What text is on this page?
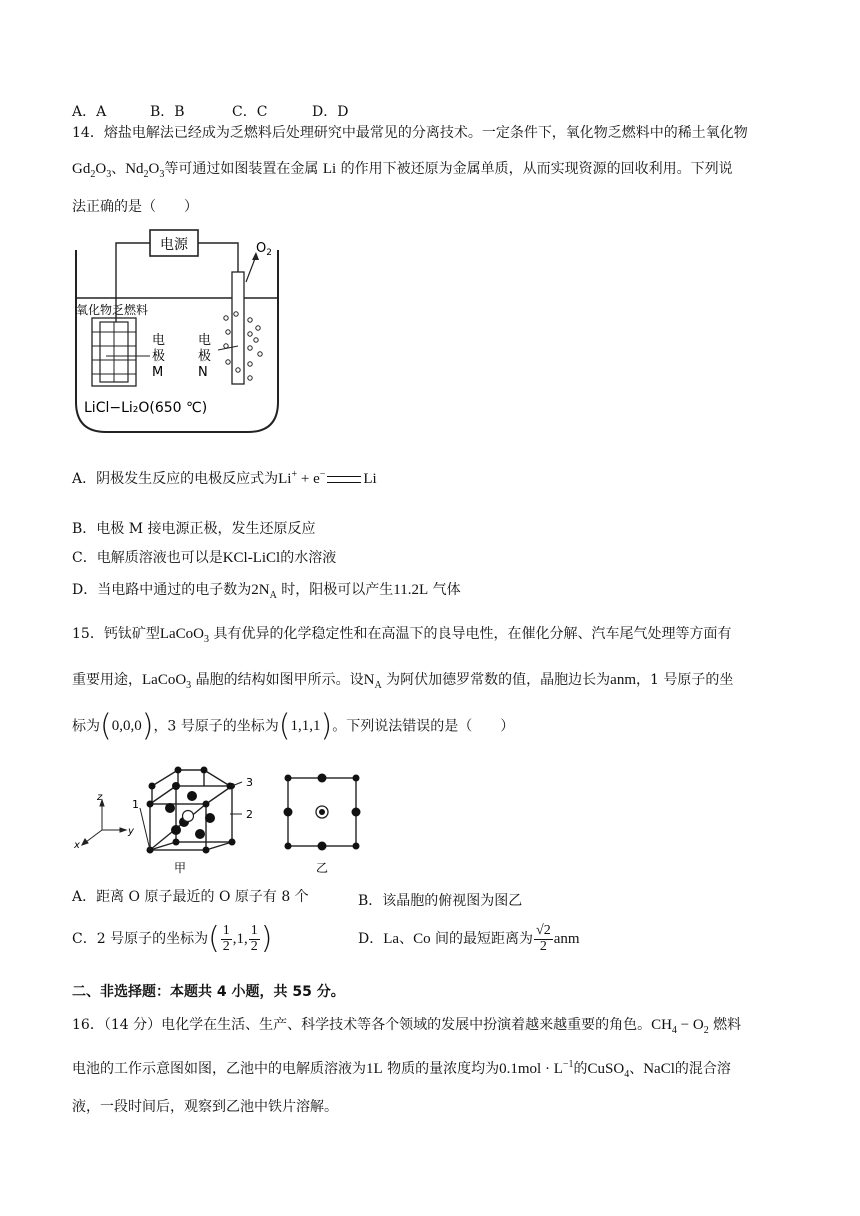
A．A	B．B	C．C	D．D
14．熔盐电解法已经成为乏燃料后处理研究中最常见的分离技术。一定条件下，氧化物乏燃料中的稀土氧化物
$Gd_2O_3$、$Nd_2O_3$等可通过如图装置在金属 Li 的作用下被还原为金属单质，从而实现资源的回收利用。下列说
法正确的是（　　）
电源
氧化物乏燃料
电
极
M
电
极
N
$O_2$
LiCl−Li₂O(650 ℃)
A．阴极发生反应的电极反应式为Li+ + e−	Li
B．电极 M 接电源正极，发生还原反应
C．电解质溶液也可以是KCl-LiCl的水溶液
D．当电路中通过的电子数为$2N_A$ 时，阳极可以产生11.2L 气体
15．钙钛矿型LaCoO$_3$ 具有优异的化学稳定性和在高温下的良导电性，在催化分解、汽车尾气处理等方面有
重要用途，LaCoO$_3$ 晶胞的结构如图甲所示。设$N_A$ 为阿伏加德罗常数的值，晶胞边长为anm，1 号原子的坐
标为(0,0,0)，3 号原子的坐标为(1,1,1)。下列说法错误的是（　　）
z
y
x
1
2
3
甲	乙
A．距离 O 原子最近的 O 原子有 8 个	B．该晶胞的俯视图为图乙
C．2 号原子的坐标为( $\frac{1}{2} ,1$, $\frac{1}{2}$ )	D．La、Co 间的最短距离为 $\frac{√2}{2}$ anm
二、非选择题：本题共 4 小题，共 55 分。
16．（14 分）电化学在生活、生产、科学技术等各个领域的发展中扮演着越来越重要的角色。$CH_4 - O_2$ 燃料
电池的工作示意图如图，乙池中的电解质溶液为1L 物质的量浓度均为$0.1mol \cdot L^{-1}$的CuSO$_4$、NaCl的混合溶
液，一段时间后，观察到乙池中铁片溶解。
